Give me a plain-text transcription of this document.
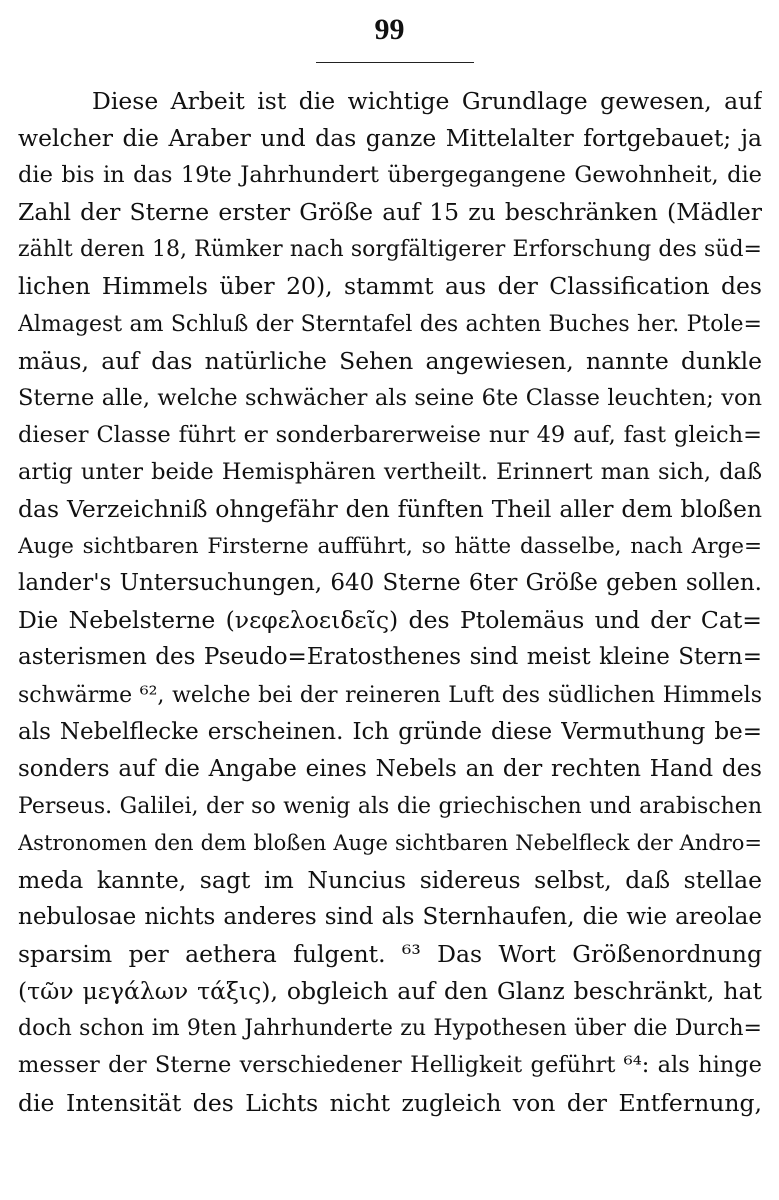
99
Diese Arbeit ist die wichtige Grundlage gewesen, auf
welcher die Araber und das ganze Mittelalter fortgebauet; ja
die bis in das 19te Jahrhundert übergegangene Gewohnheit, die
Zahl der Sterne erster Größe auf 15 zu beschränken (Mädler
zählt deren 18, Rümker nach sorgfältigerer Erforschung des süd=
lichen Himmels über 20), stammt aus der Classification des
Almagest am Schluß der Sterntafel des achten Buches her. Ptole=
mäus, auf das natürliche Sehen angewiesen, nannte dunkle
Sterne alle, welche schwächer als seine 6te Classe leuchten; von
dieser Classe führt er sonderbarerweise nur 49 auf, fast gleich=
artig unter beide Hemisphären vertheilt. Erinnert man sich, daß
das Verzeichniß ohngefähr den fünften Theil aller dem bloßen
Auge sichtbaren Firsterne aufführt, so hätte dasselbe, nach Arge=
lander's Untersuchungen, 640 Sterne 6ter Größe geben sollen.
Die Nebelsterne (νεφελοειδεῖς) des Ptolemäus und der Cat=
asterismen des Pseudo=Eratosthenes sind meist kleine Stern=
schwärme ⁶², welche bei der reineren Luft des südlichen Himmels
als Nebelflecke erscheinen. Ich gründe diese Vermuthung be=
sonders auf die Angabe eines Nebels an der rechten Hand des
Perseus. Galilei, der so wenig als die griechischen und arabischen
Astronomen den dem bloßen Auge sichtbaren Nebelfleck der Andro=
meda kannte, sagt im Nuncius sidereus selbst, daß stellae
nebulosae nichts anderes sind als Sternhaufen, die wie areolae
sparsim per aethera fulgent. ⁶³ Das Wort Größenordnung
(τῶν μεγάλων τάξις), obgleich auf den Glanz beschränkt, hat
doch schon im 9ten Jahrhunderte zu Hypothesen über die Durch=
messer der Sterne verschiedener Helligkeit geführt ⁶⁴: als hinge
die Intensität des Lichts nicht zugleich von der Entfernung,
